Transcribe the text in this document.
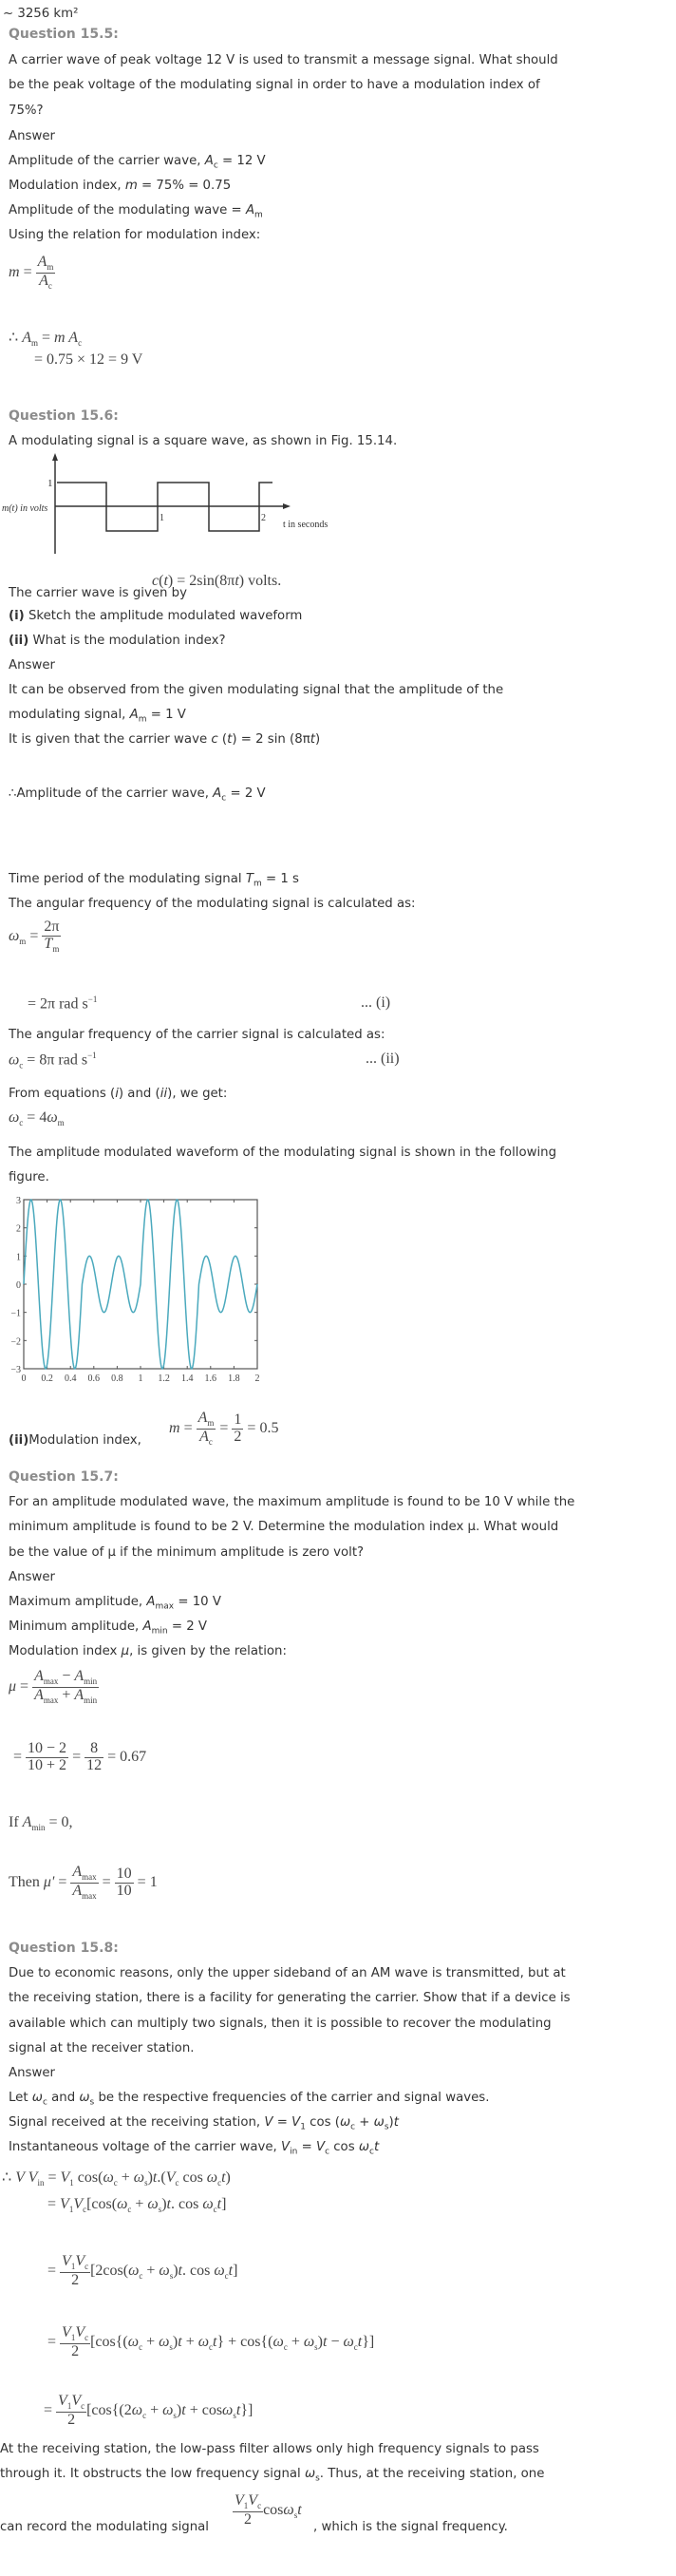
~ 3256 km²
Question 15.5:
A carrier wave of peak voltage 12 V is used to transmit a message signal. What should
be the peak voltage of the modulating signal in order to have a modulation index of
75%?
Answer
Amplitude of the carrier wave, $A_c = 12$ V
Modulation index, m = 75% = 0.75
Amplitude of the modulating wave = $A_m$
Using the relation for modulation index:
$m = \frac{A_m}{A_c}$
∴ $A_m = m$ $A_c$
= 0.75 × 12 = 9 V
Question 15.6:
A modulating signal is a square wave, as shown in Fig. 15.14.
1
m(t) in volts
1	2
t in seconds
The carrier wave is given by
c(t) = 2sin(8πt) volts.
(i) Sketch the amplitude modulated waveform
(ii) What is the modulation index?
Answer
It can be observed from the given modulating signal that the amplitude of the
modulating signal, $A_m = 1$ V
It is given that the carrier wave c (t) = 2 sin (8πt)
∴Amplitude of the carrier wave, $A_c = 2$ V
Time period of the modulating signal $T_m = 1$ s
The angular frequency of the modulating signal is calculated as:
$\omega_m = \frac{2\pi}{T_m}$
= 2π rad $s^{-1}$	... (i)
The angular frequency of the carrier signal is calculated as:
$\omega_c = 8\pi$ rad $s^{-1}$	... (ii)
From equations (i) and (ii), we get:
$\omega_c = 4\omega_m$
The amplitude modulated waveform of the modulating signal is shown in the following
figure.
3
2
1
0
−1
−2
−3
0 0.2 0.4 0.6 0.8 1 1.2 1.4 1.6 1.8 2
$m = \frac{A_m}{A_c} = \frac{1}{2} = 0.5$
(ii)Modulation index,
Question 15.7:
For an amplitude modulated wave, the maximum amplitude is found to be 10 V while the
minimum amplitude is found to be 2 V. Determine the modulation index μ. What would
be the value of μ if the minimum amplitude is zero volt?
Answer
Maximum amplitude, $A_{max} = 10$ V
Minimum amplitude, $A_{min} = 2$ V
Modulation index μ, is given by the relation:
$\mu = \frac{A_{max} - A_{min}}{A_{max} + A_{min}}$
= $\frac{10 - 2}{10 + 2} = \frac{8}{12} = 0.67$
If $A_{min} = 0$,
Then $\mu' = \frac{A_{max}}{A_{max}} = \frac{10}{10} = 1$
Question 15.8:
Due to economic reasons, only the upper sideband of an AM wave is transmitted, but at
the receiving station, there is a facility for generating the carrier. Show that if a device is
available which can multiply two signals, then it is possible to recover the modulating
signal at the receiver station.
Answer
Let $\omega_c$ and $\omega_s$ be the respective frequencies of the carrier and signal waves.
Signal received at the receiving station, $V = V_1$ $\cos (\omega_c + \omega_s)t$
Instantaneous voltage of the carrier wave, $V_{in} = V_c$ $\cos \omega_ct$
∴ V $V_{in} = V_1$ $\cos(\omega_c + \omega_s)t.(V_c$ $\cos \omega_ct$)
= $V_1V_c[\cos(\omega_c + \omega_s)t$. $\cos \omega_ct$]
= $\frac{V_1V_c}{2} [2\cos(\omega_c + \omega_s)t$. $\cos \omega_ct$]
= $\frac{V_1V_c}{2} [\cos\{(\omega_c + \omega_s)t + \omega_ct\} + \cos\{(\omega_c + \omega_s)t - \omega_ct\}]$
= $\frac{V_1V_c}{2} [\cos\{(2\omega_c + \omega_s)t + \cos\omega_st\}]$
At the receiving station, the low-pass filter allows only high frequency signals to pass
through it. It obstructs the low frequency signal $\omega_s$. Thus, at the receiving station, one
can record the modulating signal $\frac{V_1V_c}{2} \cos\omega_st$
, which is the signal frequency.
